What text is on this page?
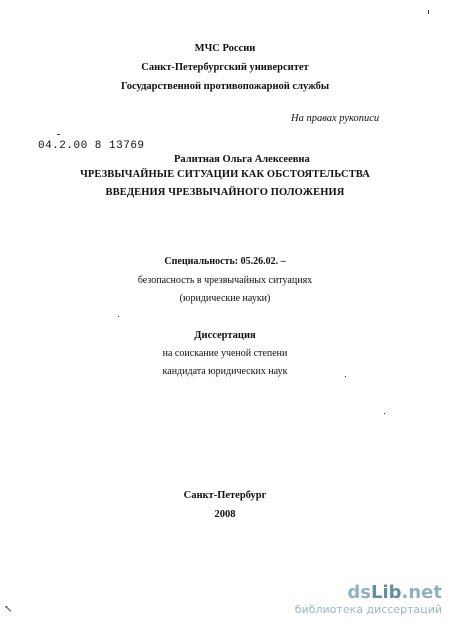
МЧС России
Санкт-Петербургский университет
Государственной противопожарной службы
На правах рукописи
04.2.00 8 13769
Ралитная Ольга Алексеевна
ЧРЕЗВЫЧАЙНЫЕ СИТУАЦИИ КАК ОБСТОЯТЕЛЬСТВА
ВВЕДЕНИЯ ЧРЕЗВЫЧАЙНОГО ПОЛОЖЕНИЯ
Специальность: 05.26.02. –
безопасность в чрезвычайных ситуациях
(юридические науки)
Диссертация
на соискание ученой степени
кандидата юридических наук
Санкт-Петербург
2008
↖
dsLib.net
библиотека диссертаций
